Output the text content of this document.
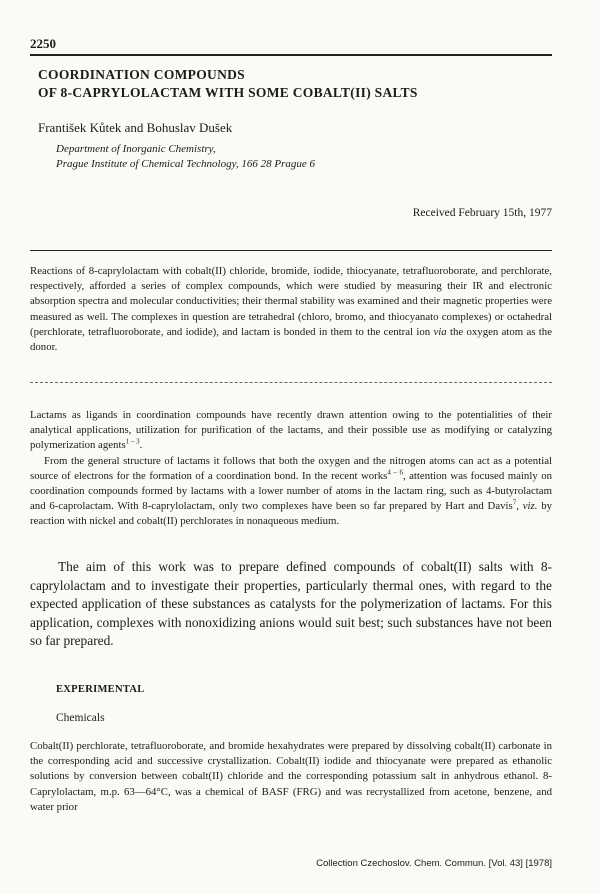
2250
COORDINATION COMPOUNDS
OF 8-CAPRYLOLACTAM WITH SOME COBALT(II) SALTS
František Kůtek and Bohuslav Dušek
Department of Inorganic Chemistry,
Prague Institute of Chemical Technology, 166 28 Prague 6
Received February 15th, 1977
Reactions of 8-caprylolactam with cobalt(II) chloride, bromide, iodide, thiocyanate, tetrafluoroborate, and perchlorate, respectively, afforded a series of complex compounds, which were studied by measuring their IR and electronic absorption spectra and molecular conductivities; their thermal stability was examined and their magnetic properties were measured as well. The complexes in question are tetrahedral (chloro, bromo, and thiocyanato complexes) or octahedral (perchlorate, tetrafluoroborate, and iodide), and lactam is bonded in them to the central ion via the oxygen atom as the donor.

Lactams as ligands in coordination compounds have recently drawn attention owing to the potentialities of their analytical applications, utilization for purification of the lactams, and their possible use as modifying or catalyzing polymerization agents$^{1 - 3}$.

From the general structure of lactams it follows that both the oxygen and the nitrogen atoms can act as a potential source of electrons for the formation of a coordination bond. In the recent works$^{4 - 6}$, attention was focused mainly on coordination compounds formed by lactams with a lower number of atoms in the lactam ring, such as 4-butyrolactam and 6-caprolactam. With 8-caprylolactam, only two complexes have been so far prepared by Hart and Davis$^7$, viz. by reaction with nickel and cobalt(II) perchlorates in nonaqueous medium.

The aim of this work was to prepare defined compounds of cobalt(II) salts with 8-caprylolactam and to investigate their properties, particularly thermal ones, with regard to the expected application of these substances as catalysts for the polymerization of lactams. For this application, complexes with nonoxidizing anions would suit best; such substances have not been so far prepared.

EXPERIMENTAL
Chemicals

Cobalt(II) perchlorate, tetrafluoroborate, and bromide hexahydrates were prepared by dissolving cobalt(II) carbonate in the corresponding acid and successive crystallization. Cobalt(II) iodide and thiocyanate were prepared as ethanolic solutions by conversion between cobalt(II) chloride and the corresponding potassium salt in anhydrous ethanol. 8-Caprylolactam, m.p. 63—64°C, was a chemical of BASF (FRG) and was recrystallized from acetone, benzene, and water prior

Collection Czechoslov. Chem. Commun. [Vol. 43] [1978]
